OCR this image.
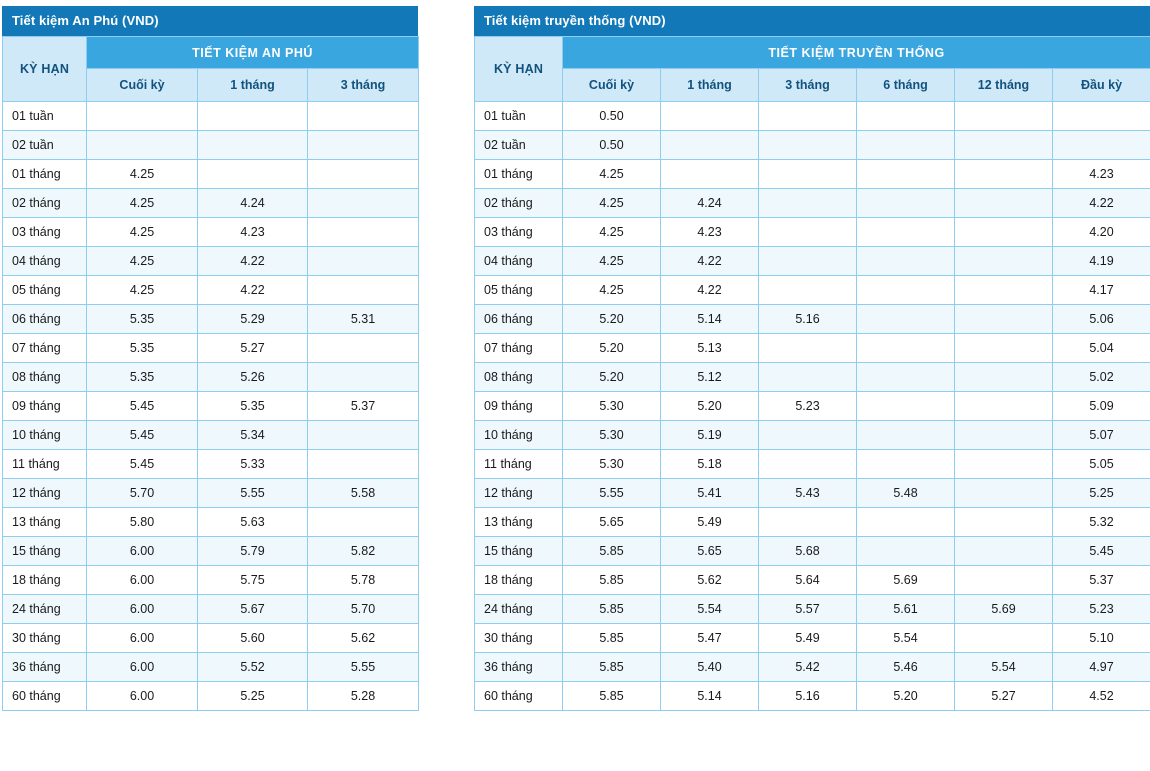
Tiết kiệm An Phú (VND)
KỲ HẠN	TIẾT KIỆM AN PHÚ		
	Cuối kỳ	1 tháng	3 tháng
01 tuần			
02 tuần			
01 tháng	4.25		
02 tháng	4.25	4.24	
03 tháng	4.25	4.23	
04 tháng	4.25	4.22	
05 tháng	4.25	4.22	
06 tháng	5.35	5.29	5.31
07 tháng	5.35	5.27	
08 tháng	5.35	5.26	
09 tháng	5.45	5.35	5.37
10 tháng	5.45	5.34	
11 tháng	5.45	5.33	
12 tháng	5.70	5.55	5.58
13 tháng	5.80	5.63	
15 tháng	6.00	5.79	5.82
18 tháng	6.00	5.75	5.78
24 tháng	6.00	5.67	5.70
30 tháng	6.00	5.60	5.62
36 tháng	6.00	5.52	5.55
60 tháng	6.00	5.25	5.28
Tiết kiệm truyền thống (VND)
KỲ HẠN	TIẾT KIỆM TRUYỀN THỐNG					
	Cuối kỳ	1 tháng	3 tháng	6 tháng	12 tháng	Đầu kỳ
01 tuần	0.50					
02 tuần	0.50					
01 tháng	4.25					4.23
02 tháng	4.25	4.24				4.22
03 tháng	4.25	4.23				4.20
04 tháng	4.25	4.22				4.19
05 tháng	4.25	4.22				4.17
06 tháng	5.20	5.14	5.16			5.06
07 tháng	5.20	5.13				5.04
08 tháng	5.20	5.12				5.02
09 tháng	5.30	5.20	5.23			5.09
10 tháng	5.30	5.19				5.07
11 tháng	5.30	5.18				5.05
12 tháng	5.55	5.41	5.43	5.48		5.25
13 tháng	5.65	5.49				5.32
15 tháng	5.85	5.65	5.68			5.45
18 tháng	5.85	5.62	5.64	5.69		5.37
24 tháng	5.85	5.54	5.57	5.61	5.69	5.23
30 tháng	5.85	5.47	5.49	5.54		5.10
36 tháng	5.85	5.40	5.42	5.46	5.54	4.97
60 tháng	5.85	5.14	5.16	5.20	5.27	4.52
